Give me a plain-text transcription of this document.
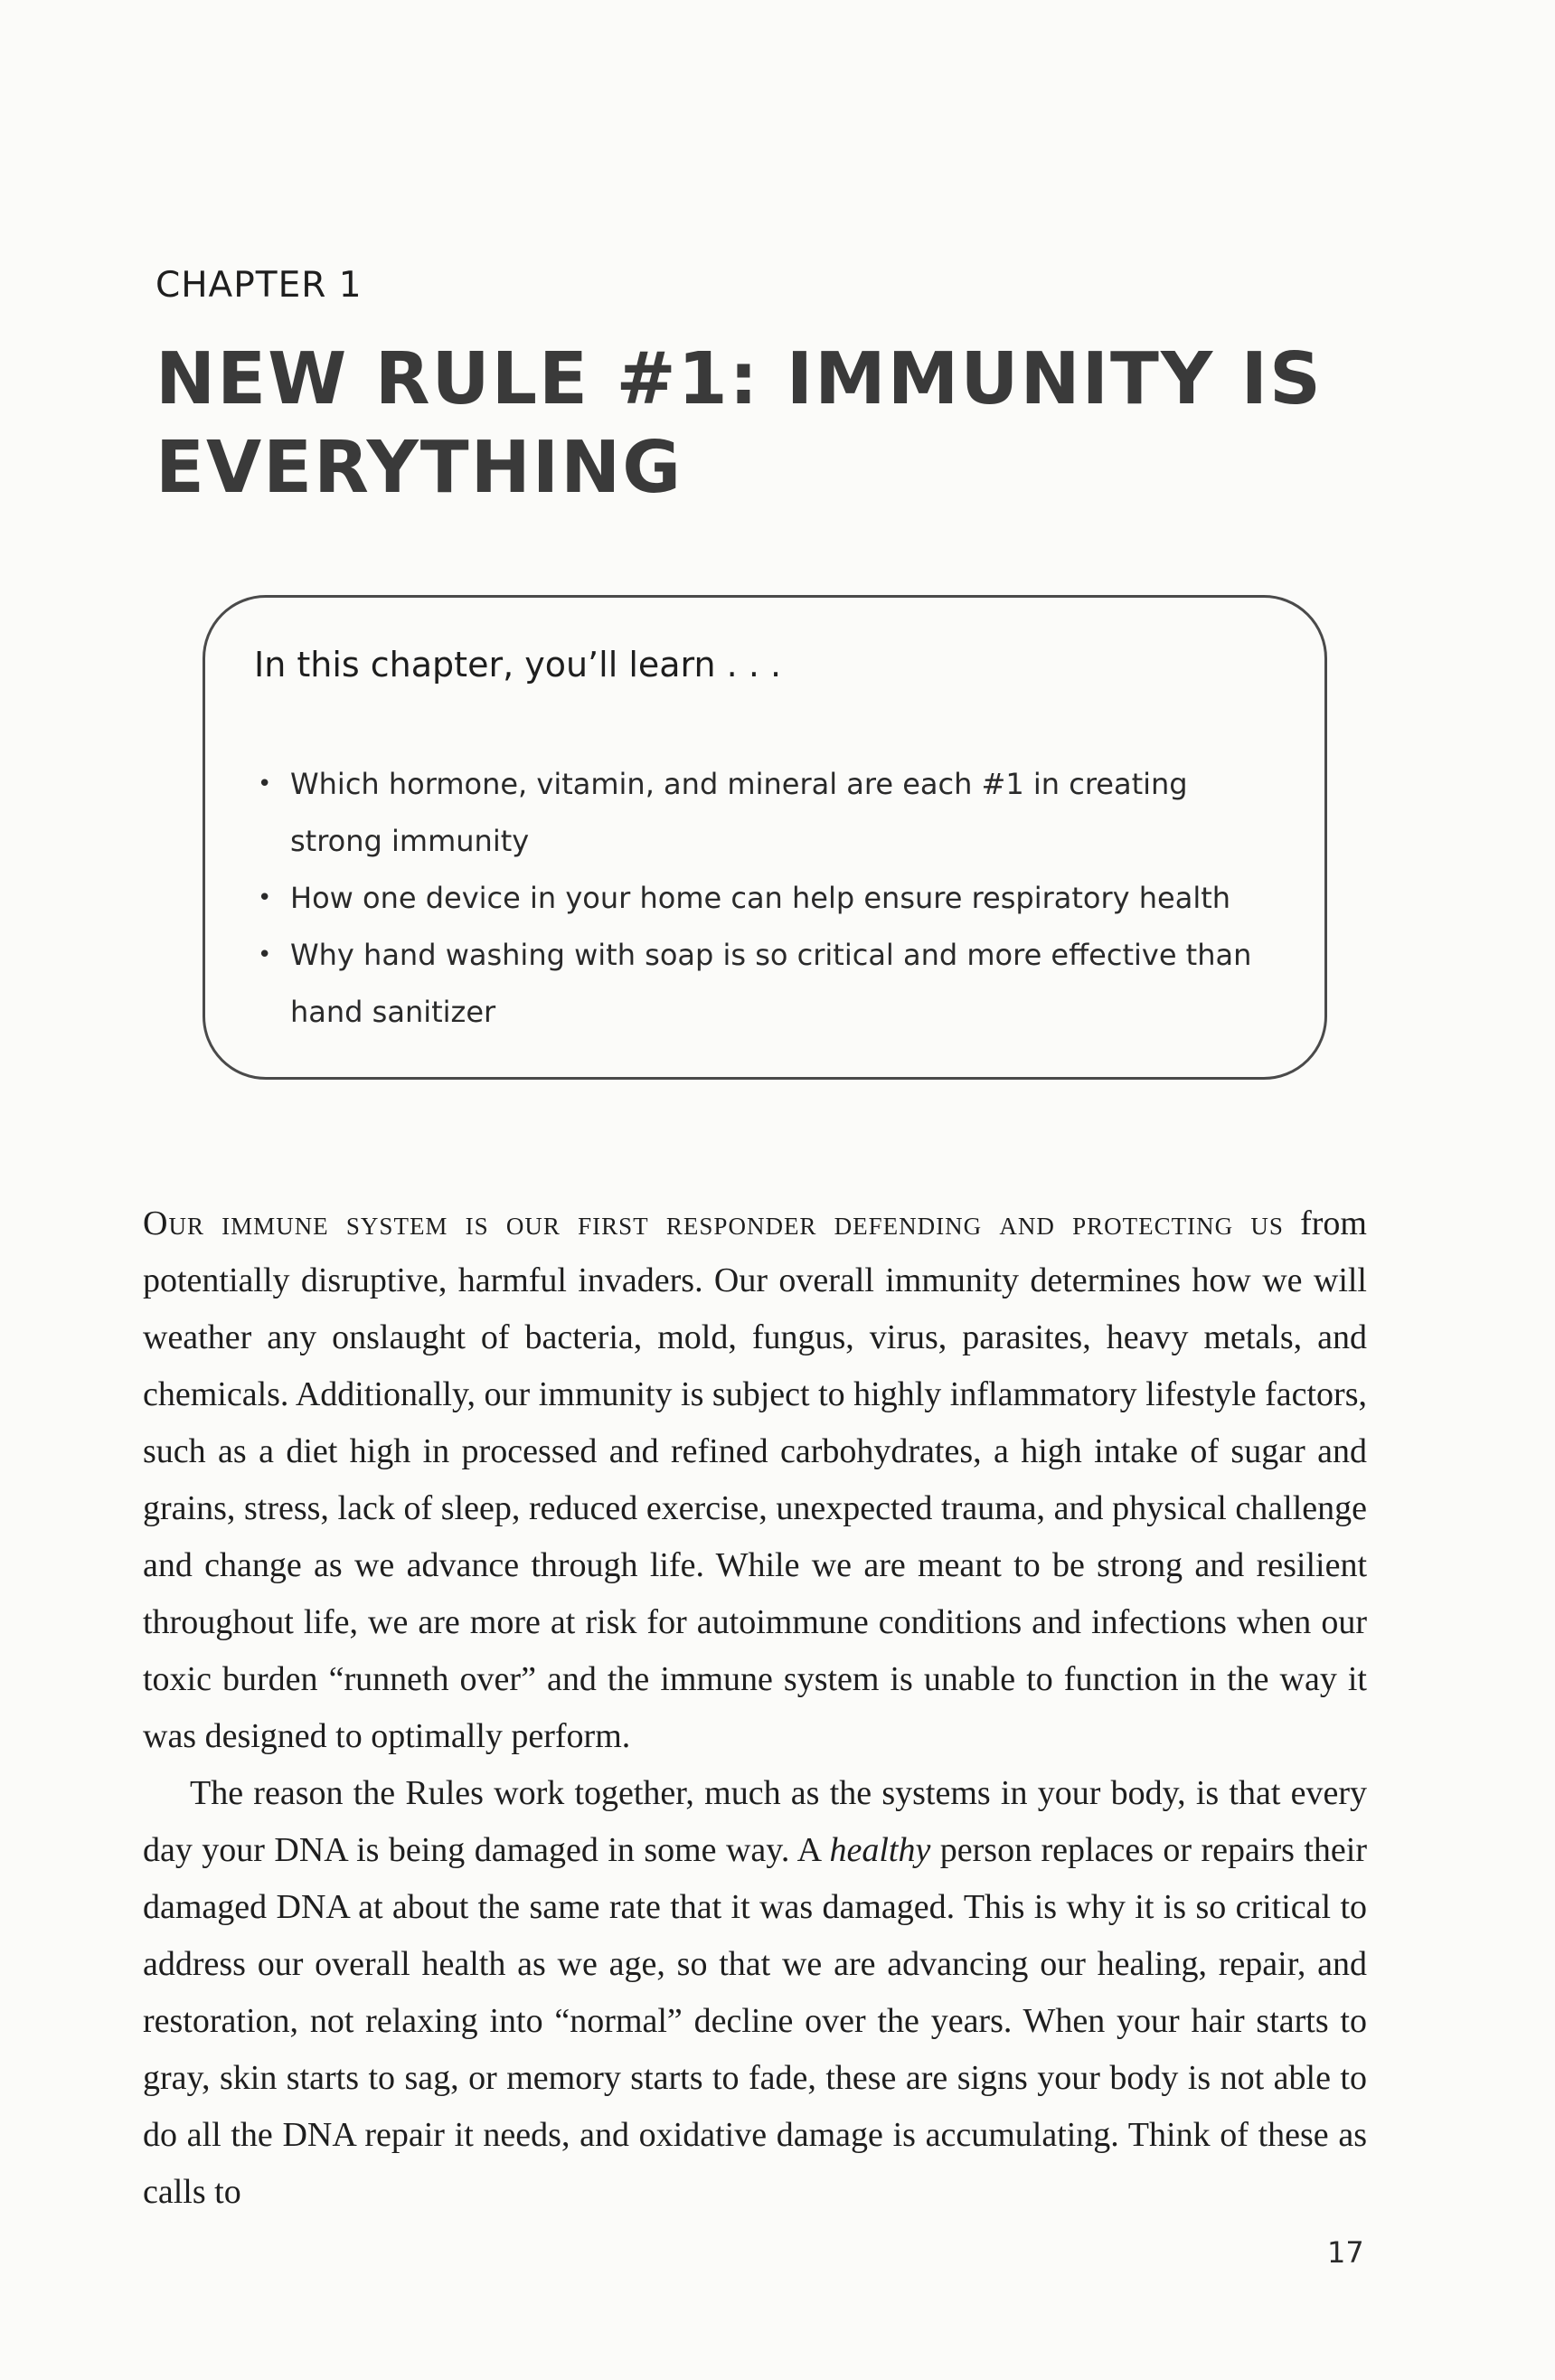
CHAPTER 1
NEW RULE #1: IMMUNITY IS
EVERYTHING
In this chapter, you’ll learn . . .
• Which hormone, vitamin, and mineral are each #1 in creating strong immunity
• How one device in your home can help ensure respiratory health
• Why hand washing with soap is so critical and more effective than hand sanitizer

Our immune system is our first responder defending and protecting us from potentially disruptive, harmful invaders. Our overall immunity determines how we will weather any onslaught of bacteria, mold, fungus, virus, parasites, heavy metals, and chemicals. Additionally, our immunity is subject to highly inflammatory lifestyle factors, such as a diet high in processed and refined carbohydrates, a high intake of sugar and grains, stress, lack of sleep, reduced exercise, unexpected trauma, and physical challenge and change as we advance through life. While we are meant to be strong and resilient throughout life, we are more at risk for autoimmune conditions and infections when our toxic burden “runneth over” and the immune system is unable to function in the way it was designed to optimally perform.

The reason the Rules work together, much as the systems in your body, is that every day your DNA is being damaged in some way. A healthy person replaces or repairs their damaged DNA at about the same rate that it was damaged. This is why it is so critical to address our overall health as we age, so that we are advancing our healing, repair, and restoration, not relaxing into “normal” decline over the years. When your hair starts to gray, skin starts to sag, or memory starts to fade, these are signs your body is not able to do all the DNA repair it needs, and oxidative damage is accumulating. Think of these as calls to

17
